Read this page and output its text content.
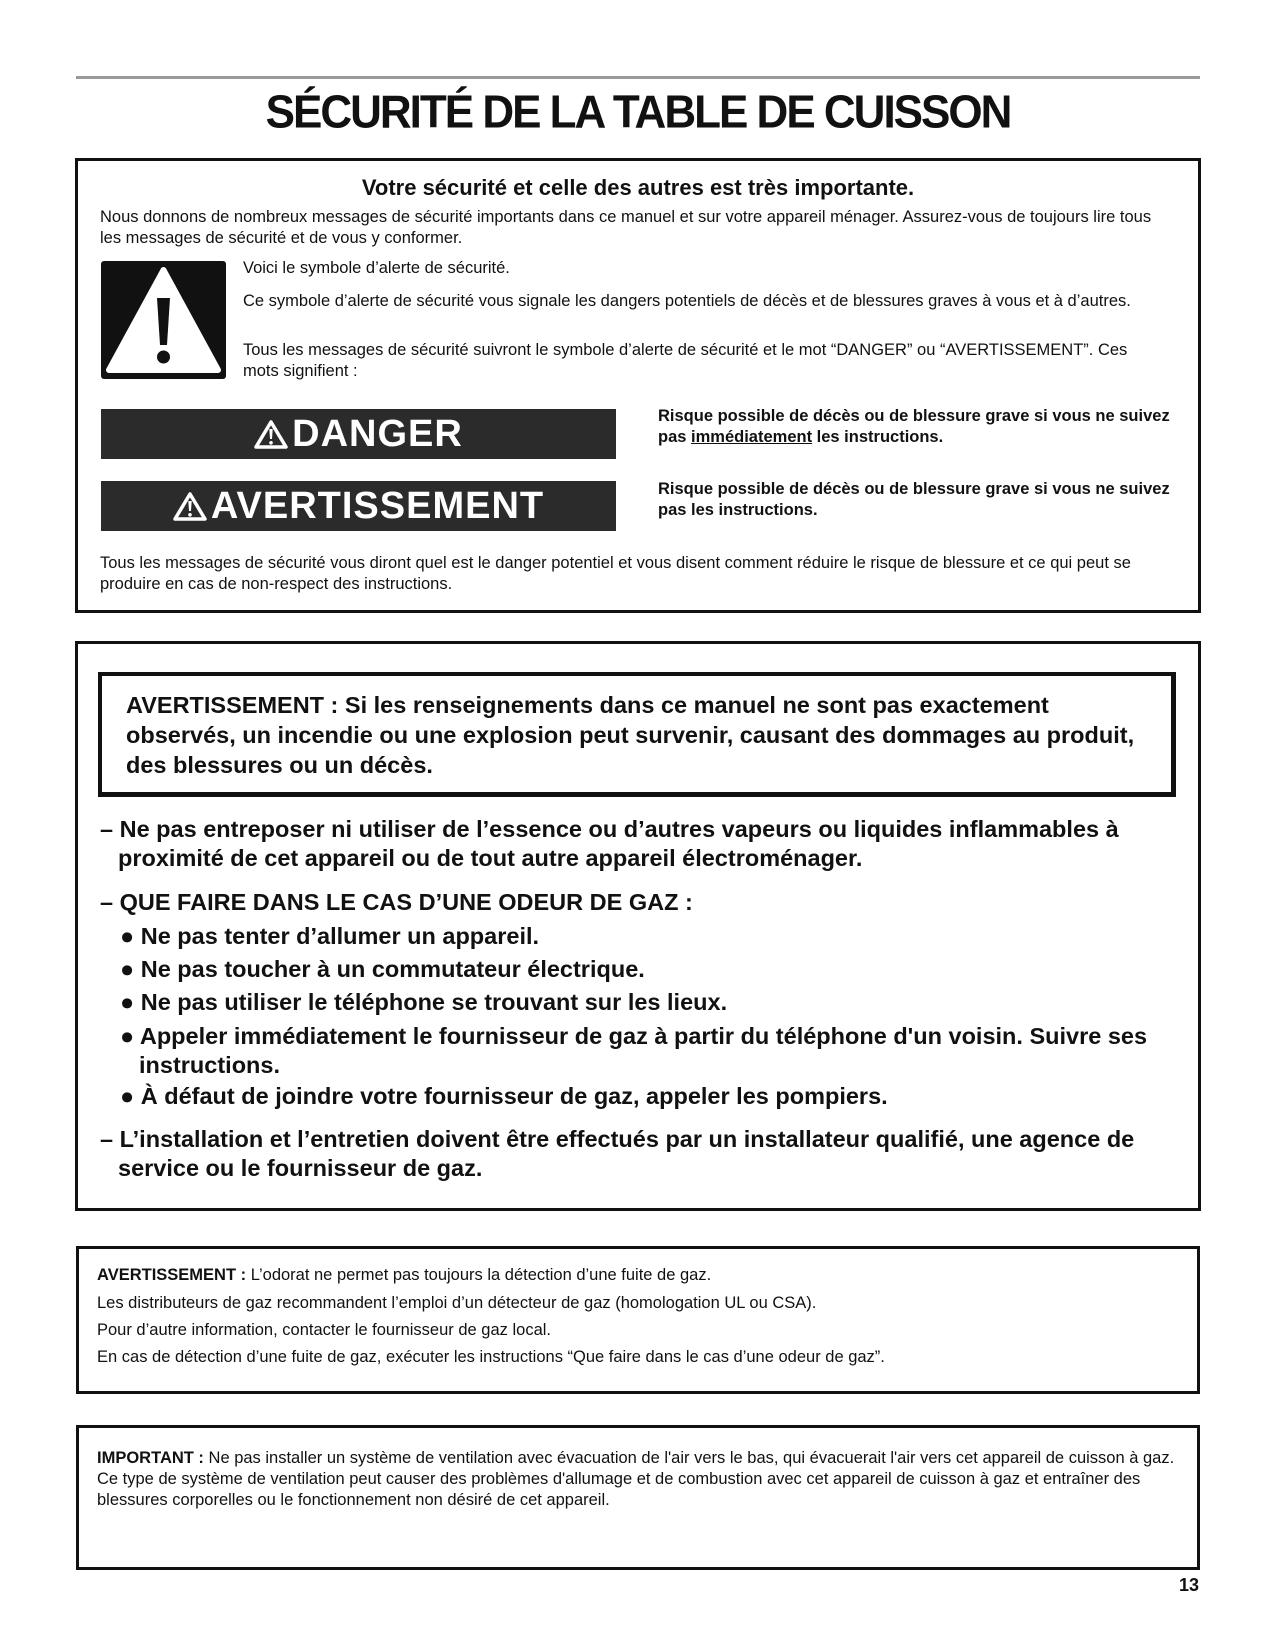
SÉCURITÉ DE LA TABLE DE CUISSON
Votre sécurité et celle des autres est très importante.
Nous donnons de nombreux messages de sécurité importants dans ce manuel et sur votre appareil ménager. Assurez-vous de toujours lire tous les messages de sécurité et de vous y conformer.
Voici le symbole d’alerte de sécurité.
Ce symbole d’alerte de sécurité vous signale les dangers potentiels de décès et de blessures graves à vous et à d’autres.
Tous les messages de sécurité suivront le symbole d’alerte de sécurité et le mot “DANGER” ou “AVERTISSEMENT”. Ces mots signifient :
DANGER	Risque possible de décès ou de blessure grave si vous ne suivez pas immédiatement les instructions.
AVERTISSEMENT	Risque possible de décès ou de blessure grave si vous ne suivez pas les instructions.
Tous les messages de sécurité vous diront quel est le danger potentiel et vous disent comment réduire le risque de blessure et ce qui peut se produire en cas de non-respect des instructions.
AVERTISSEMENT : Si les renseignements dans ce manuel ne sont pas exactement observés, un incendie ou une explosion peut survenir, causant des dommages au produit, des blessures ou un décès.
– Ne pas entreposer ni utiliser de l’essence ou d’autres vapeurs ou liquides inflammables à proximité de cet appareil ou de tout autre appareil électroménager.
– QUE FAIRE DANS LE CAS D’UNE ODEUR DE GAZ :
● Ne pas tenter d’allumer un appareil.
● Ne pas toucher à un commutateur électrique.
● Ne pas utiliser le téléphone se trouvant sur les lieux.
● Appeler immédiatement le fournisseur de gaz à partir du téléphone d'un voisin. Suivre ses instructions.
● À défaut de joindre votre fournisseur de gaz, appeler les pompiers.
– L’installation et l’entretien doivent être effectués par un installateur qualifié, une agence de service ou le fournisseur de gaz.
AVERTISSEMENT : L’odorat ne permet pas toujours la détection d’une fuite de gaz.
Les distributeurs de gaz recommandent l’emploi d’un détecteur de gaz (homologation UL ou CSA).
Pour d’autre information, contacter le fournisseur de gaz local.
En cas de détection d’une fuite de gaz, exécuter les instructions “Que faire dans le cas d’une odeur de gaz”.
IMPORTANT : Ne pas installer un système de ventilation avec évacuation de l'air vers le bas, qui évacuerait l'air vers cet appareil de cuisson à gaz. Ce type de système de ventilation peut causer des problèmes d'allumage et de combustion avec cet appareil de cuisson à gaz et entraîner des blessures corporelles ou le fonctionnement non désiré de cet appareil.
13
